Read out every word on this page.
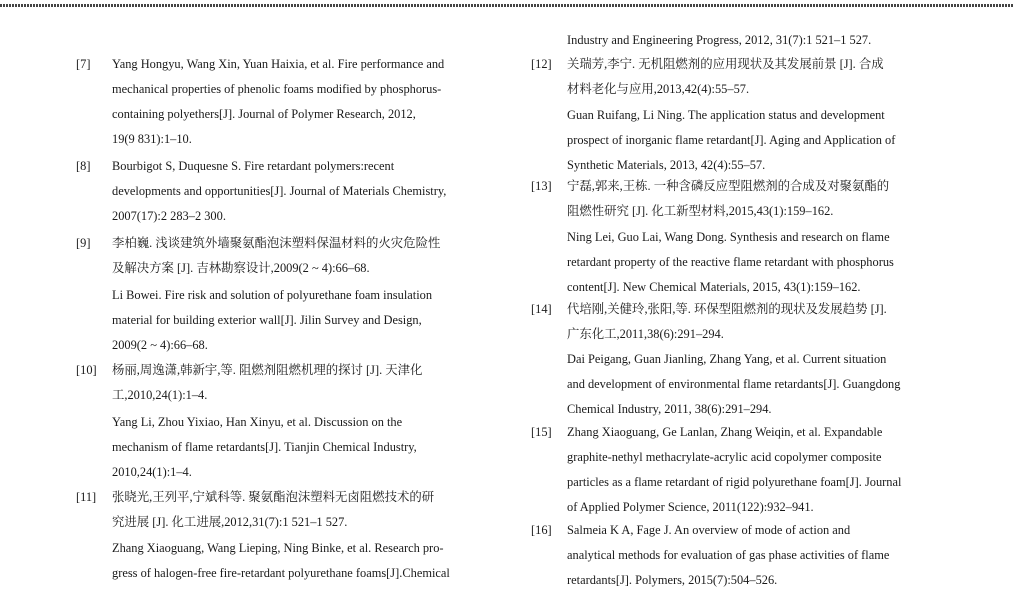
[7]	Yang Hongyu, Wang Xin, Yuan Haixia, et al. Fire performance and
mechanical properties of phenolic foams modified by phosphorus-
containing polyethers[J]. Journal of Polymer Research, 2012,
19(9 831):1–10.
[8]	Bourbigot S, Duquesne S. Fire retardant polymers:recent
developments and opportunities[J]. Journal of Materials Chemistry,
2007(17):2 283–2 300.
[9]	李柏巍. 浅谈建筑外墙聚氨酯泡沫塑料保温材料的火灾危险性
及解决方案 [J]. 吉林勘察设计,2009(2 ~ 4):66–68.
Li Bowei. Fire risk and solution of polyurethane foam insulation
material for building exterior wall[J]. Jilin Survey and Design,
2009(2 ~ 4):66–68.
[10]	杨丽,周逸潇,韩新宇,等. 阻燃剂阻燃机理的探讨 [J]. 天津化
工,2010,24(1):1–4.
Yang Li, Zhou Yixiao, Han Xinyu, et al. Discussion on the
mechanism of flame retardants[J]. Tianjin Chemical Industry,
2010,24(1):1–4.
[11]	张晓光,王列平,宁斌科等. 聚氨酯泡沫塑料无卤阻燃技术的研
究进展 [J]. 化工进展,2012,31(7):1 521–1 527.
Zhang Xiaoguang, Wang Lieping, Ning Binke, et al. Research pro-
gress of halogen-free fire-retardant polyurethane foams[J].Chemical
Industry and Engineering Progress, 2012, 31(7):1 521–1 527.
[12]	关瑞芳,李宁. 无机阻燃剂的应用现状及其发展前景 [J]. 合成
材料老化与应用,2013,42(4):55–57.
Guan Ruifang, Li Ning. The application status and development
prospect of inorganic flame retardant[J]. Aging and Application of
Synthetic Materials, 2013, 42(4):55–57.
[13]	宁磊,郭来,王栋. 一种含磷反应型阻燃剂的合成及对聚氨酯的
阻燃性研究 [J]. 化工新型材料,2015,43(1):159–162.
Ning Lei, Guo Lai, Wang Dong. Synthesis and research on flame
retardant property of the reactive flame retardant with phosphorus
content[J]. New Chemical Materials, 2015, 43(1):159–162.
[14]	代培刚,关健玲,张阳,等. 环保型阻燃剂的现状及发展趋势 [J].
广东化工,2011,38(6):291–294.
Dai Peigang, Guan Jianling, Zhang Yang, et al. Current situation
and development of environmental flame retardants[J]. Guangdong
Chemical Industry, 2011, 38(6):291–294.
[15]	Zhang Xiaoguang, Ge Lanlan, Zhang Weiqin, et al. Expandable
graphite-nethyl methacrylate-acrylic acid copolymer composite
particles as a flame retardant of rigid polyurethane foam[J]. Journal
of Applied Polymer Science, 2011(122):932–941.
[16]	Salmeia K A, Fage J. An overview of mode of action and
analytical methods for evaluation of gas phase activities of flame
retardants[J]. Polymers, 2015(7):504–526.
